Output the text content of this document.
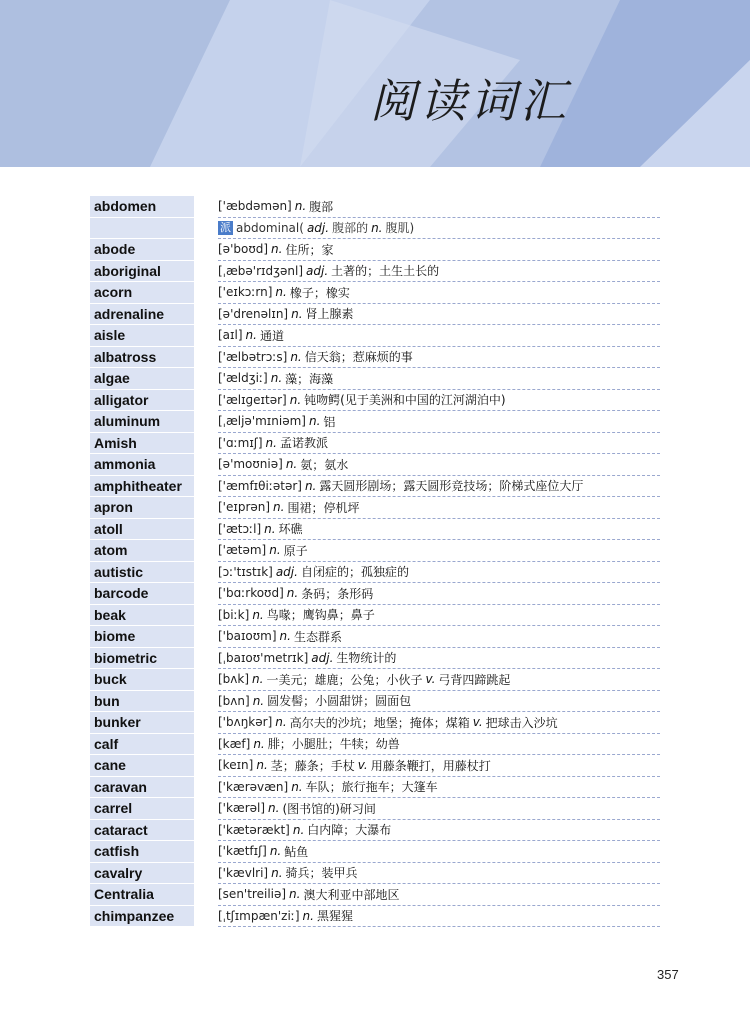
阅读词汇
abdomen	['æbdəmən] n. 腹部
派 abdominal( adj. 腹部的 n. 腹肌)
abode	[ə'boʊd] n. 住所；家
aboriginal	[ˌæbə'rɪdʒənl] adj. 土著的；土生土长的
acorn	['eɪkɔːrn] n. 橡子；橡实
adrenaline	[ə'drenəlɪn] n. 肾上腺素
aisle	[aɪl] n. 通道
albatross	['ælbətrɔːs] n. 信天翁；惹麻烦的事
algae	['ældʒiː] n. 藻；海藻
alligator	['ælɪɡeɪtər] n. 钝吻鳄(见于美洲和中国的江河湖泊中)
aluminum	[ˌæljə'mɪniəm] n. 铝
Amish	['ɑːmɪʃ] n. 孟诺教派
ammonia	[ə'moʊniə] n. 氨；氨水
amphitheater	['æmfɪθiːətər] n. 露天圆形剧场；露天圆形竞技场；阶梯式座位大厅
apron	['eɪprən] n. 围裙；停机坪
atoll	['ætɔːl] n. 环礁
atom	['ætəm] n. 原子
autistic	[ɔː'tɪstɪk] adj. 自闭症的；孤独症的
barcode	['bɑːrkoʊd] n. 条码；条形码
beak	[biːk] n. 鸟喙；鹰钩鼻；鼻子
biome	['baɪoʊm] n. 生态群系
biometric	[ˌbaɪoʊ'metrɪk] adj. 生物统计的
buck	[bʌk] n. 一美元；雄鹿；公兔；小伙子 v. 弓背四蹄跳起
bun	[bʌn] n. 圆发髻；小圆甜饼；圆面包
bunker	['bʌŋkər] n. 高尔夫的沙坑；地堡；掩体；煤箱 v. 把球击入沙坑
calf	[kæf] n. 腓；小腿肚；牛犊；幼兽
cane	[keɪn] n. 茎；藤条；手杖 v. 用藤条鞭打，用藤杖打
caravan	['kærəvæn] n. 车队；旅行拖车；大篷车
carrel	['kærəl] n. (图书馆的)研习间
cataract	['kætərækt] n. 白内障；大瀑布
catfish	['kætfɪʃ] n. 鲇鱼
cavalry	['kævlri] n. 骑兵；装甲兵
Centralia	[sen'treiliə] n. 澳大利亚中部地区
chimpanzee	[ˌtʃɪmpæn'ziː] n. 黑猩猩
357
